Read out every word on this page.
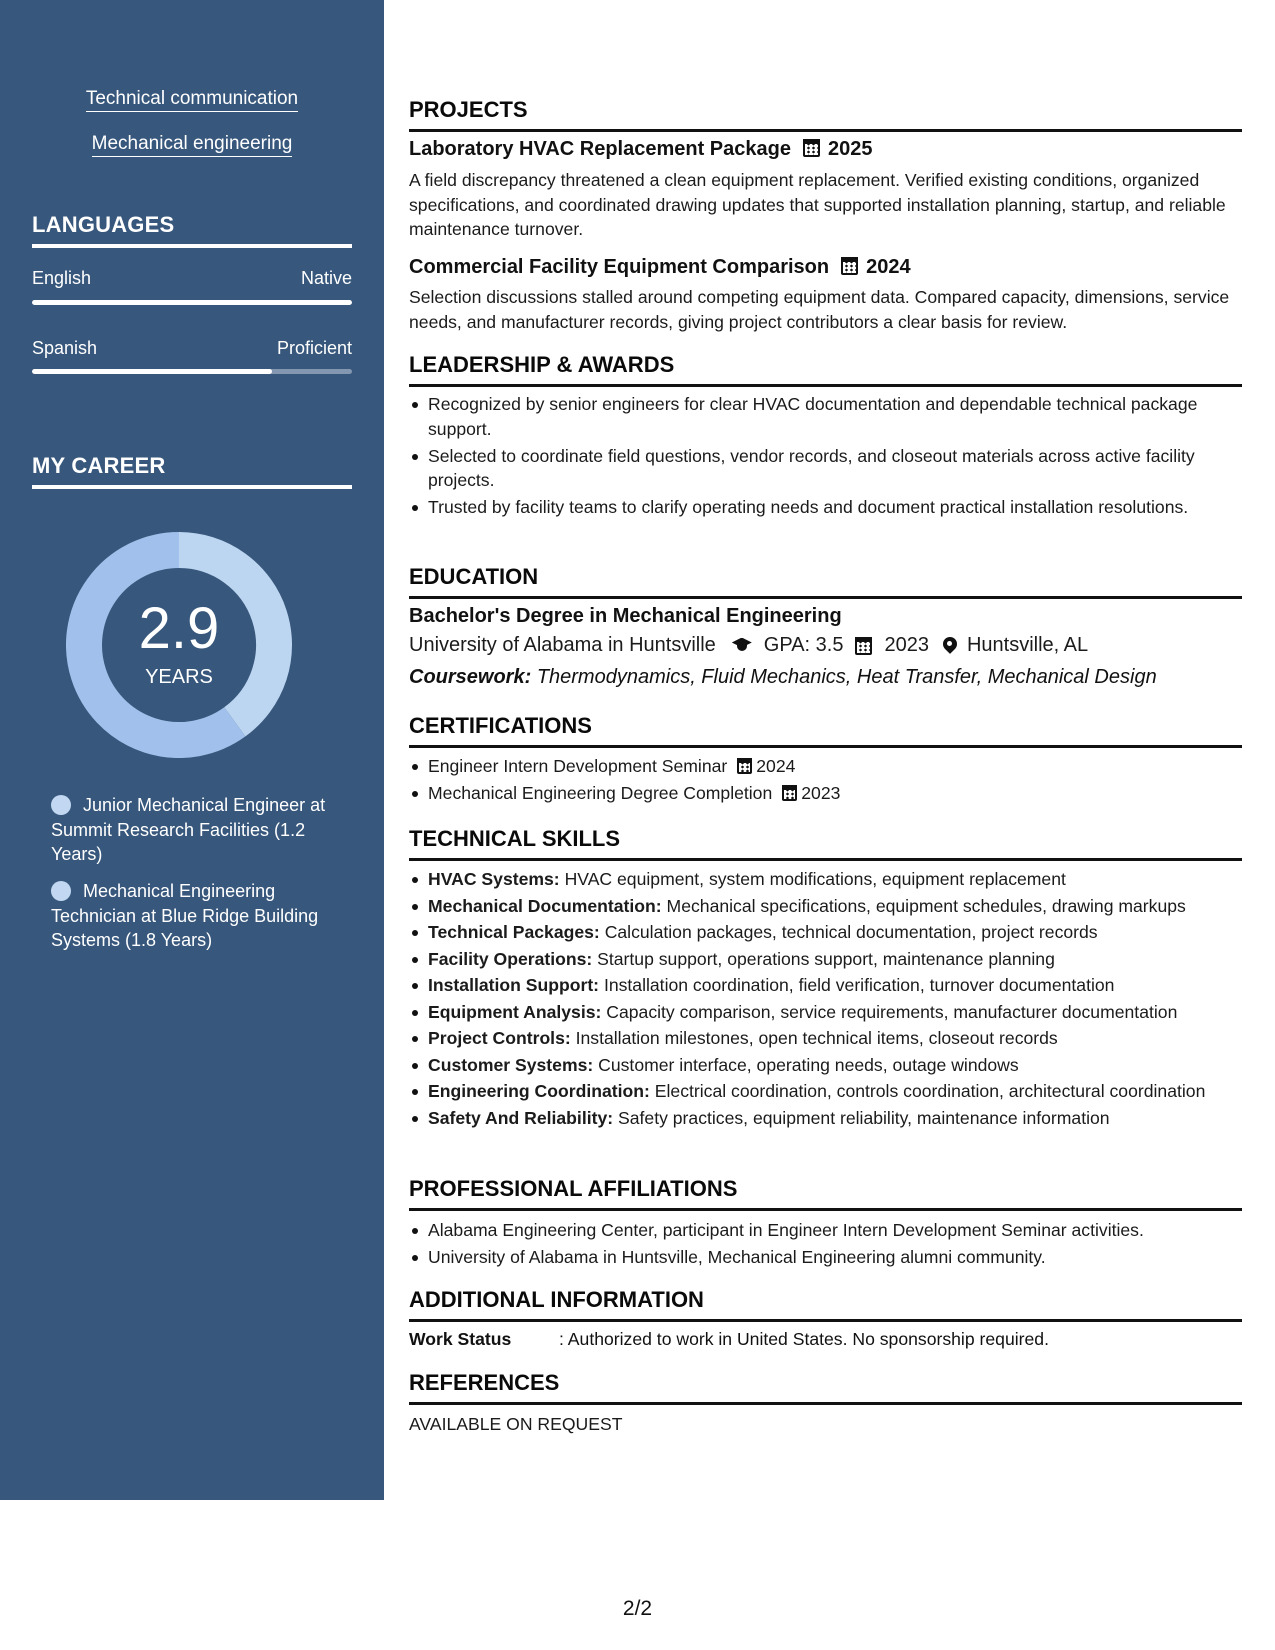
Technical communication
Mechanical engineering
LANGUAGES
English	Native
Spanish	Proficient
MY CAREER
2.9
YEARS
Junior Mechanical Engineer at Summit Research Facilities (1.2 Years)
Mechanical Engineering Technician at Blue Ridge Building Systems (1.8 Years)
PROJECTS
Laboratory HVAC Replacement Package 2025
A field discrepancy threatened a clean equipment replacement. Verified existing conditions, organized specifications, and coordinated drawing updates that supported installation planning, startup, and reliable maintenance turnover.
Commercial Facility Equipment Comparison 2024
Selection discussions stalled around competing equipment data. Compared capacity, dimensions, service needs, and manufacturer records, giving project contributors a clear basis for review.
LEADERSHIP & AWARDS
Recognized by senior engineers for clear HVAC documentation and dependable technical package support.
Selected to coordinate field questions, vendor records, and closeout materials across active facility projects.
Trusted by facility teams to clarify operating needs and document practical installation resolutions.
EDUCATION
Bachelor's Degree in Mechanical Engineering
University of Alabama in Huntsville GPA: 3.5 2023 Huntsville, AL
Coursework: Thermodynamics, Fluid Mechanics, Heat Transfer, Mechanical Design
CERTIFICATIONS
Engineer Intern Development Seminar 2024
Mechanical Engineering Degree Completion 2023
TECHNICAL SKILLS
HVAC Systems: HVAC equipment, system modifications, equipment replacement
Mechanical Documentation: Mechanical specifications, equipment schedules, drawing markups
Technical Packages: Calculation packages, technical documentation, project records
Facility Operations: Startup support, operations support, maintenance planning
Installation Support: Installation coordination, field verification, turnover documentation
Equipment Analysis: Capacity comparison, service requirements, manufacturer documentation
Project Controls: Installation milestones, open technical items, closeout records
Customer Systems: Customer interface, operating needs, outage windows
Engineering Coordination: Electrical coordination, controls coordination, architectural coordination
Safety And Reliability: Safety practices, equipment reliability, maintenance information
PROFESSIONAL AFFILIATIONS
Alabama Engineering Center, participant in Engineer Intern Development Seminar activities.
University of Alabama in Huntsville, Mechanical Engineering alumni community.
ADDITIONAL INFORMATION
Work Status	: Authorized to work in United States. No sponsorship required.
REFERENCES
AVAILABLE ON REQUEST
2/2
